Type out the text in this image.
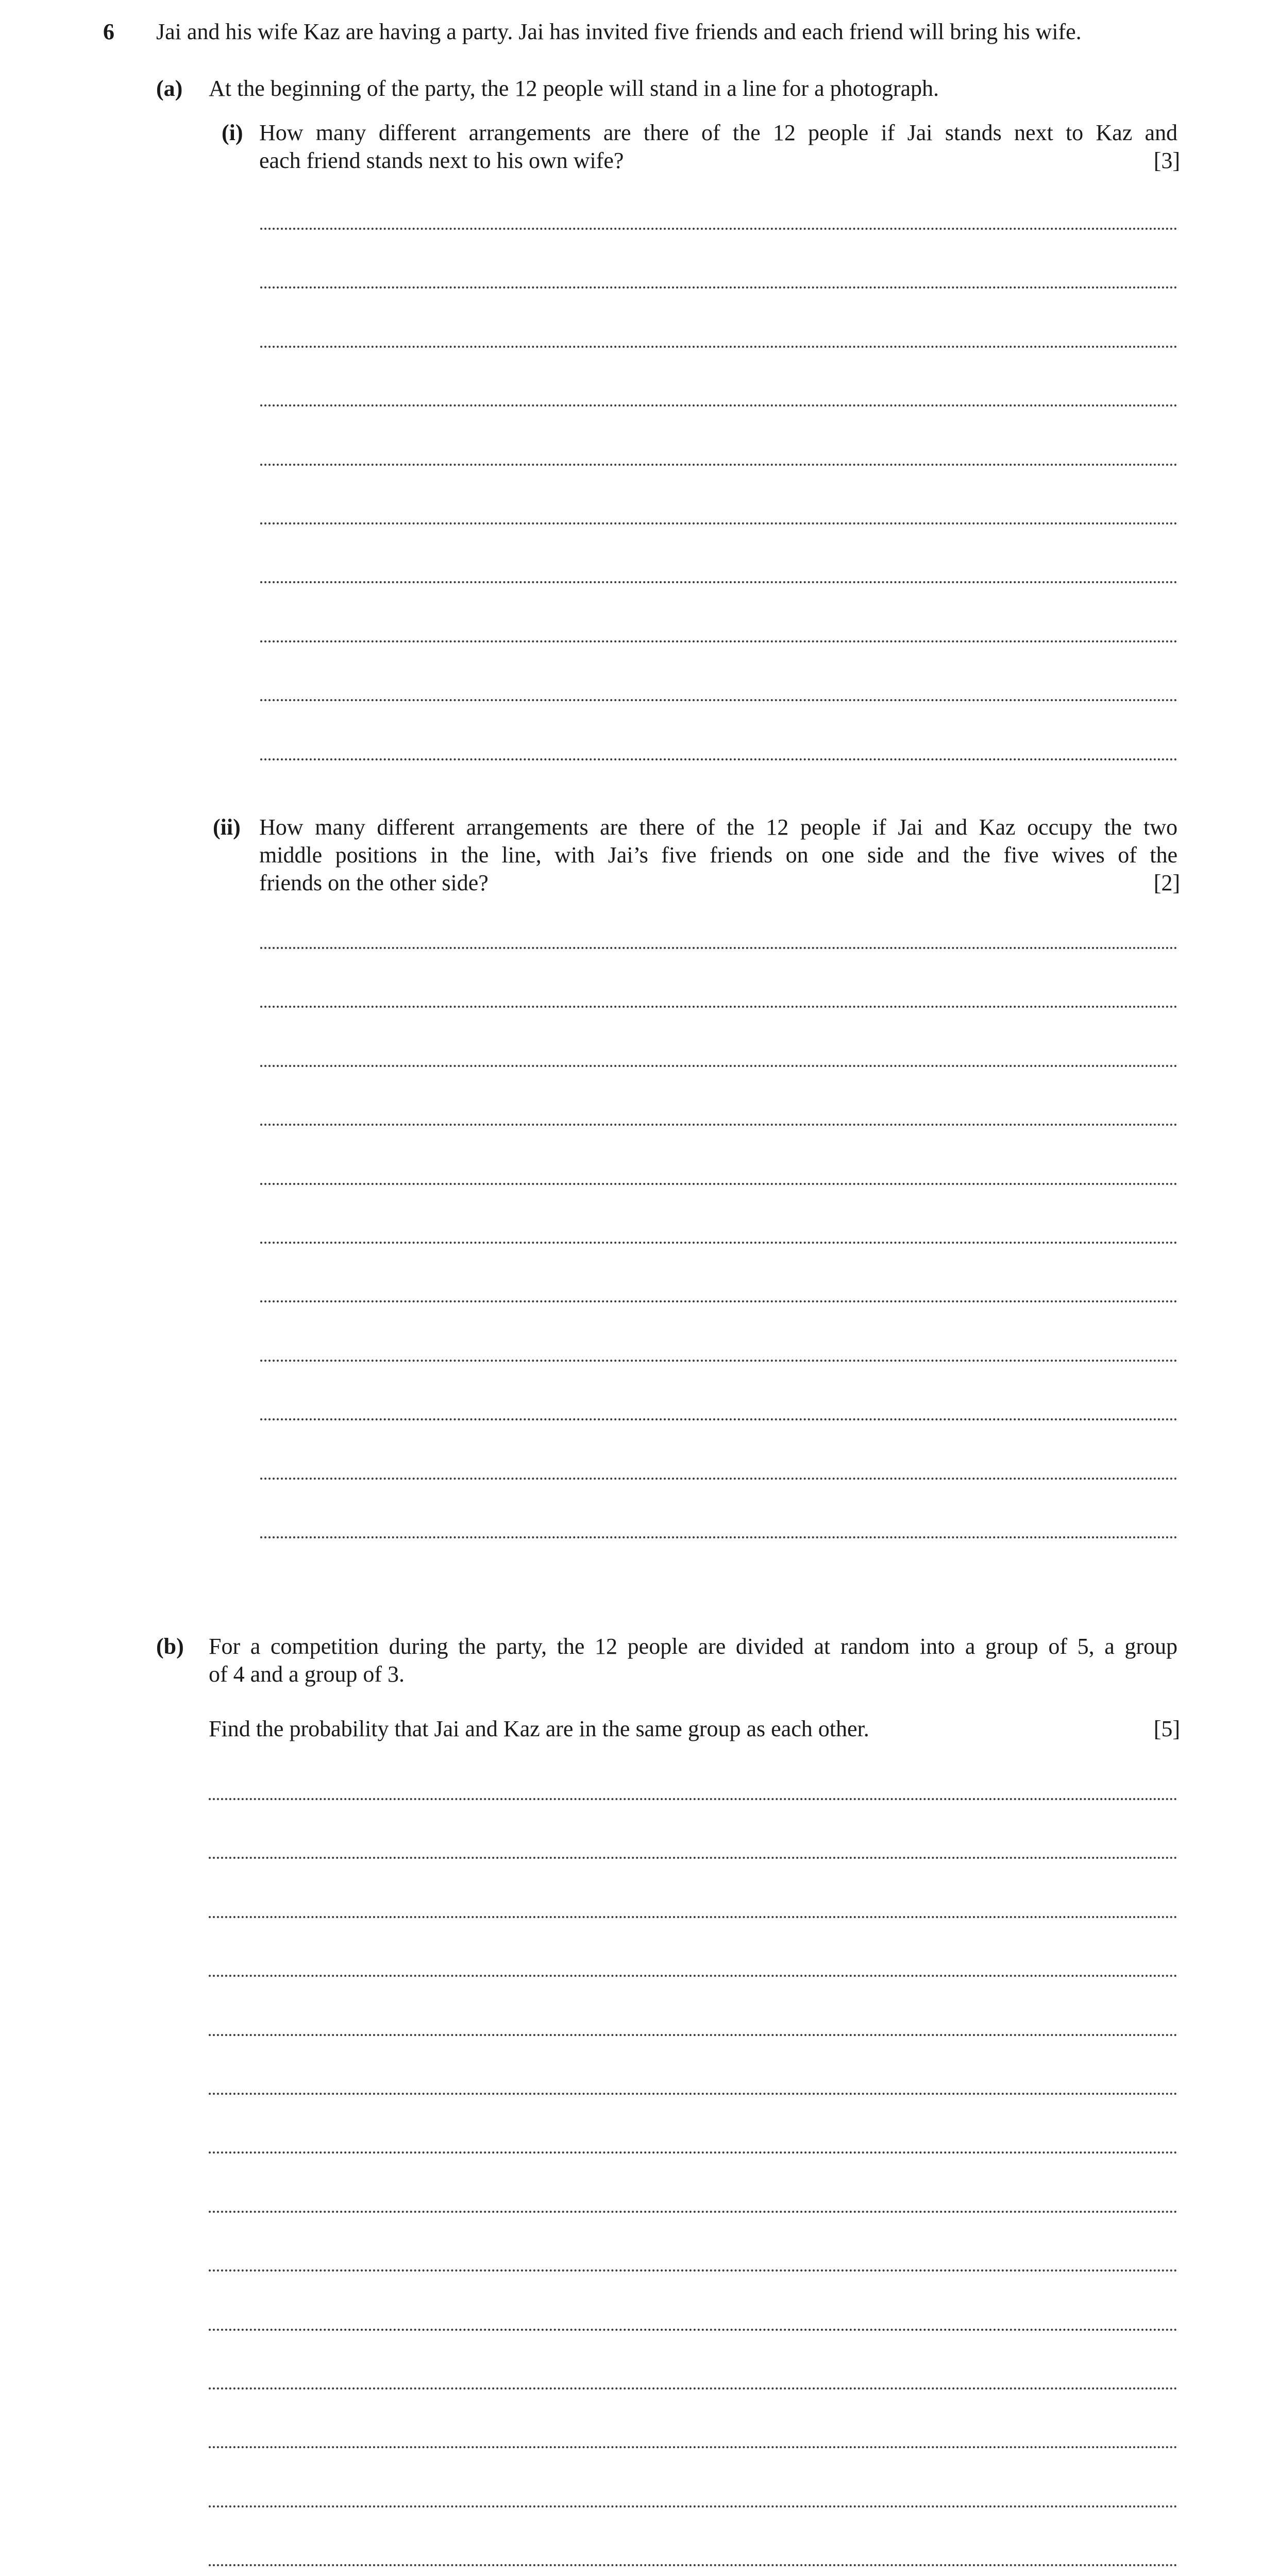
6 Jai and his wife Kaz are having a party. Jai has invited five friends and each friend will bring his wife.
(a) At the beginning of the party, the 12 people will stand in a line for a photograph.
(i) How many different arrangements are there of the 12 people if Jai stands next to Kaz and
each friend stands next to his own wife?	[3]
(ii) How many different arrangements are there of the 12 people if Jai and Kaz occupy the two
middle positions in the line, with Jai’s five friends on one side and the five wives of the
friends on the other side?	[2]
(b) For a competition during the party, the 12 people are divided at random into a group of 5, a group
of 4 and a group of 3.
Find the probability that Jai and Kaz are in the same group as each other.	[5]
